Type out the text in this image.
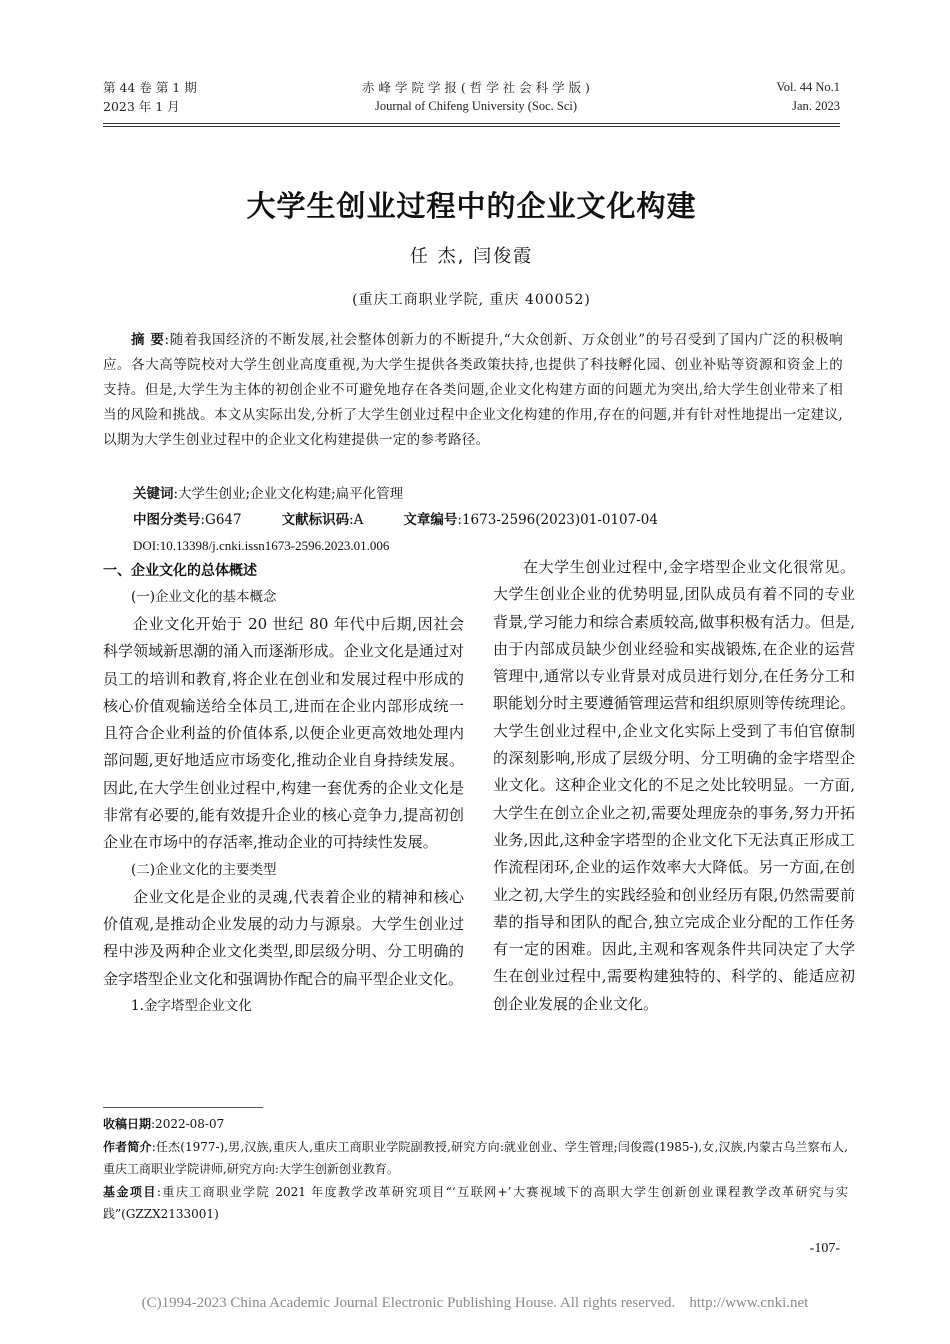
第 44 卷 第 1 期
2023 年 1 月
赤 峰 学 院 学 报 ( 哲 学 社 会 科 学 版 )
Journal of Chifeng University (Soc. Sci)
Vol. 44 No.1
Jan. 2023
大学生创业过程中的企业文化构建
任 杰, 闫俊霞
(重庆工商职业学院, 重庆 400052)
摘 要:随着我国经济的不断发展,社会整体创新力的不断提升,“大众创新、万众创业”的号召受到了国内广泛的积极响应。各大高等院校对大学生创业高度重视,为大学生提供各类政策扶持,也提供了科技孵化园、创业补贴等资源和资金上的支持。但是,大学生为主体的初创企业不可避免地存在各类问题,企业文化构建方面的问题尤为突出,给大学生创业带来了相当的风险和挑战。本文从实际出发,分析了大学生创业过程中企业文化构建的作用,存在的问题,并有针对性地提出一定建议,以期为大学生创业过程中的企业文化构建提供一定的参考路径。
关键词:大学生创业;企业文化构建;扁平化管理
中图分类号:G647	文献标识码:A	文章编号:1673-2596(2023)01-0107-04
DOI:10.13398/j.cnki.issn1673-2596.2023.01.006
一、企业文化的总体概述
(一)企业文化的基本概念

企业文化开始于 20 世纪 80 年代中后期,因社会科学领域新思潮的涌入而逐渐形成。企业文化是通过对员工的培训和教育,将企业在创业和发展过程中形成的核心价值观输送给全体员工,进而在企业内部形成统一且符合企业利益的价值体系,以便企业更高效地处理内部问题,更好地适应市场变化,推动企业自身持续发展。因此,在大学生创业过程中,构建一套优秀的企业文化是非常有必要的,能有效提升企业的核心竞争力,提高初创企业在市场中的存活率,推动企业的可持续性发展。

(二)企业文化的主要类型

企业文化是企业的灵魂,代表着企业的精神和核心价值观,是推动企业发展的动力与源泉。大学生创业过程中涉及两种企业文化类型,即层级分明、分工明确的金字塔型企业文化和强调协作配合的扁平型企业文化。

1.金字塔型企业文化

在大学生创业过程中,金字塔型企业文化很常见。大学生创业企业的优势明显,团队成员有着不同的专业背景,学习能力和综合素质较高,做事积极有活力。但是,由于内部成员缺少创业经验和实战锻炼,在企业的运营管理中,通常以专业背景对成员进行划分,在任务分工和职能划分时主要遵循管理运营和组织原则等传统理论。大学生创业过程中,企业文化实际上受到了韦伯官僚制的深刻影响,形成了层级分明、分工明确的金字塔型企业文化。这种企业文化的不足之处比较明显。一方面,大学生在创立企业之初,需要处理庞杂的事务,努力开拓业务,因此,这种金字塔型的企业文化下无法真正形成工作流程闭环,企业的运作效率大大降低。另一方面,在创业之初,大学生的实践经验和创业经历有限,仍然需要前辈的指导和团队的配合,独立完成企业分配的工作任务有一定的困难。因此,主观和客观条件共同决定了大学生在创业过程中,需要构建独特的、科学的、能适应初创企业发展的企业文化。

收稿日期:2022-08-07

作者简介:任杰(1977-),男,汉族,重庆人,重庆工商职业学院副教授,研究方向:就业创业、学生管理;闫俊霞(1985-),女,汉族,内蒙古乌兰察布人,重庆工商职业学院讲师,研究方向:大学生创新创业教育。

基金项目:重庆工商职业学院 2021 年度教学改革研究项目“‘互联网+’大赛视域下的高职大学生创新创业课程教学改革研究与实践”(GZZX2133001)

-107-
(C)1994-2023 China Academic Journal Electronic Publishing House. All rights reserved. http://www.cnki.net
